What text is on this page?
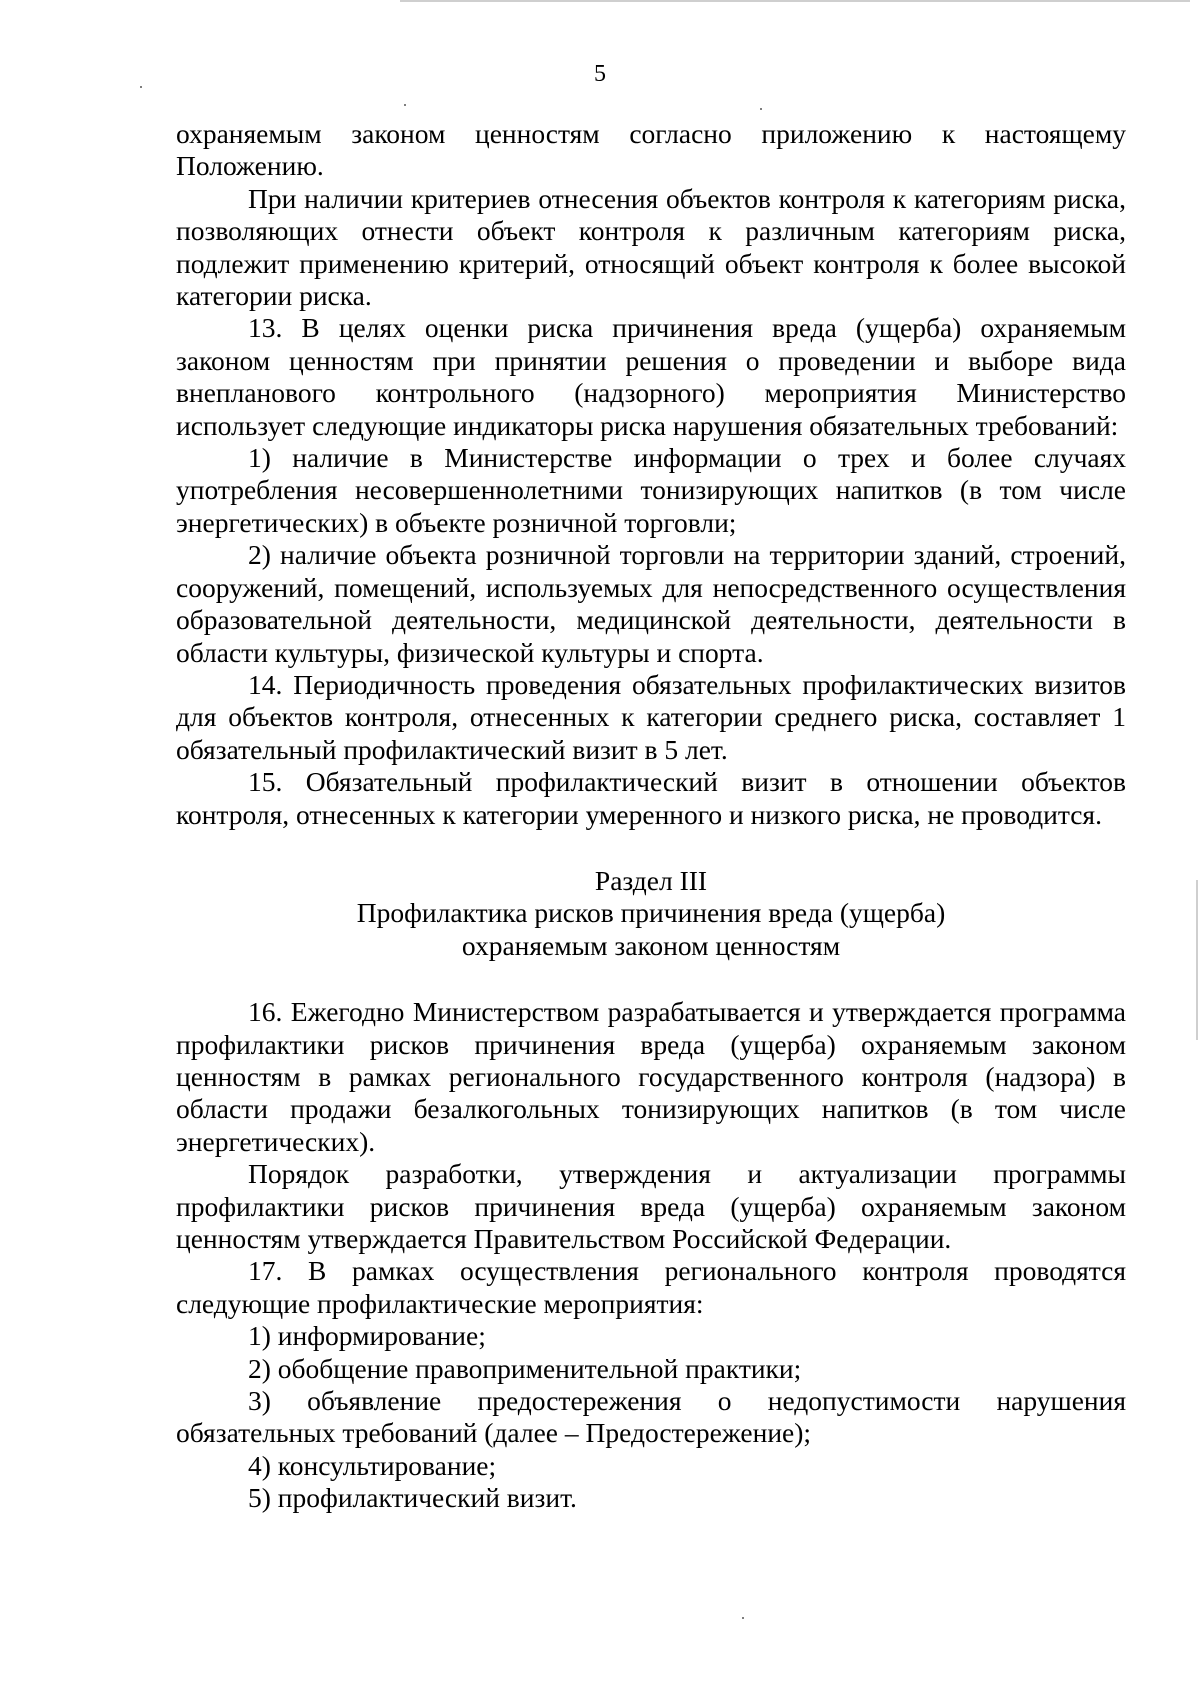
5

охраняемым законом ценностям согласно приложению к настоящему Положению.

При наличии критериев отнесения объектов контроля к категориям риска, позволяющих отнести объект контроля к различным категориям риска, подлежит применению критерий, относящий объект контроля к более высокой категории риска.

13. В целях оценки риска причинения вреда (ущерба) охраняемым законом ценностям при принятии решения о проведении и выборе вида внепланового контрольного (надзорного) мероприятия Министерство использует следующие индикаторы риска нарушения обязательных требований:

1) наличие в Министерстве информации о трех и более случаях употребления несовершеннолетними тонизирующих напитков (в том числе энергетических) в объекте розничной торговли;

2) наличие объекта розничной торговли на территории зданий, строений, сооружений, помещений, используемых для непосредственного осуществления образовательной деятельности, медицинской деятельности, деятельности в области культуры, физической культуры и спорта.

14. Периодичность проведения обязательных профилактических визитов для объектов контроля, отнесенных к категории среднего риска, составляет 1 обязательный профилактический визит в 5 лет.

15. Обязательный профилактический визит в отношении объектов контроля, отнесенных к категории умеренного и низкого риска, не проводится.

Раздел III

Профилактика рисков причинения вреда (ущерба)

охраняемым законом ценностям

16. Ежегодно Министерством разрабатывается и утверждается программа профилактики рисков причинения вреда (ущерба) охраняемым законом ценностям в рамках регионального государственного контроля (надзора) в области продажи безалкогольных тонизирующих напитков (в том числе энергетических).

Порядок разработки, утверждения и актуализации программы профилактики рисков причинения вреда (ущерба) охраняемым законом ценностям утверждается Правительством Российской Федерации.

17. В рамках осуществления регионального контроля проводятся следующие профилактические мероприятия:

1) информирование;

2) обобщение правоприменительной практики;

3) объявление предостережения о недопустимости нарушения обязательных требований (далее – Предостережение);

4) консультирование;

5) профилактический визит.
